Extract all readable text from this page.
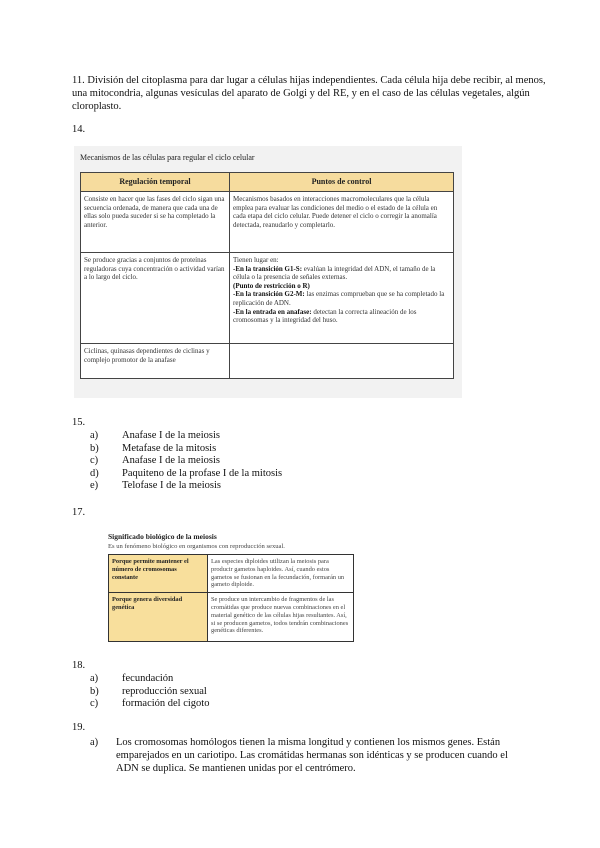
11. División del citoplasma para dar lugar a células hijas independientes. Cada célula hija debe recibir, al menos, una mitocondria, algunas vesículas del aparato de Golgi y del RE, y en el caso de las células vegetales, algún cloroplasto.
14.
Mecanismos de las células para regular el ciclo celular
Regulación temporal	Puntos de control
Consiste en hacer que las fases del ciclo sigan una secuencia ordenada, de manera que cada una de ellas solo pueda suceder si se ha completado la anterior.	Mecanismos basados en interacciones macromoleculares que la célula emplea para evaluar las condiciones del medio o el estado de la célula en cada etapa del ciclo celular. Puede detener el ciclo o corregir la anomalía detectada, reanudarlo y completarlo.
Se produce gracias a conjuntos de proteínas reguladoras cuya concentración o actividad varían a lo largo del ciclo.	Tienen lugar en:
-En la transición G1-S: evalúan la integridad del ADN, el tamaño de la célula o la presencia de señales externas.
(Punto de restricción o R)
-En la transición G2-M: las enzimas comprueban que se ha completado la replicación de ADN.
-En la entrada en anafase: detectan la correcta alineación de los cromosomas y la integridad del huso.

Ciclinas, quinasas dependientes de ciclinas y complejo promotor de la anafase	
15.
a)	Anafase I de la meiosis
b)	Metafase de la mitosis
c)	Anafase I de la meiosis
d)	Paquiteno de la profase I de la mitosis
e)	Telofase I de la meiosis
17.
Significado biológico de la meiosis
Es un fenómeno biológico en organismos con reproducción sexual.
Porque permite mantener el número de cromosomas constante	Las especies diploides utilizan la meiosis para producir gametos haploides. Así, cuando estos gametos se fusionan en la fecundación, formarán un gameto diploide.
Porque genera diversidad genética	Se produce un intercambio de fragmentos de las cromátidas que produce nuevas combinaciones en el material genético de las células hijas resultantes. Así, si se producen gametos, todos tendrán combinaciones genéticas diferentes.
18.
a)	fecundación
b)	reproducción sexual
c)	formación del cigoto
19.
a)	Los cromosomas homólogos tienen la misma longitud y contienen los mismos genes. Están emparejados en un cariotipo. Las cromátidas hermanas son idénticas y se producen cuando el ADN se duplica. Se mantienen unidas por el centrómero.
